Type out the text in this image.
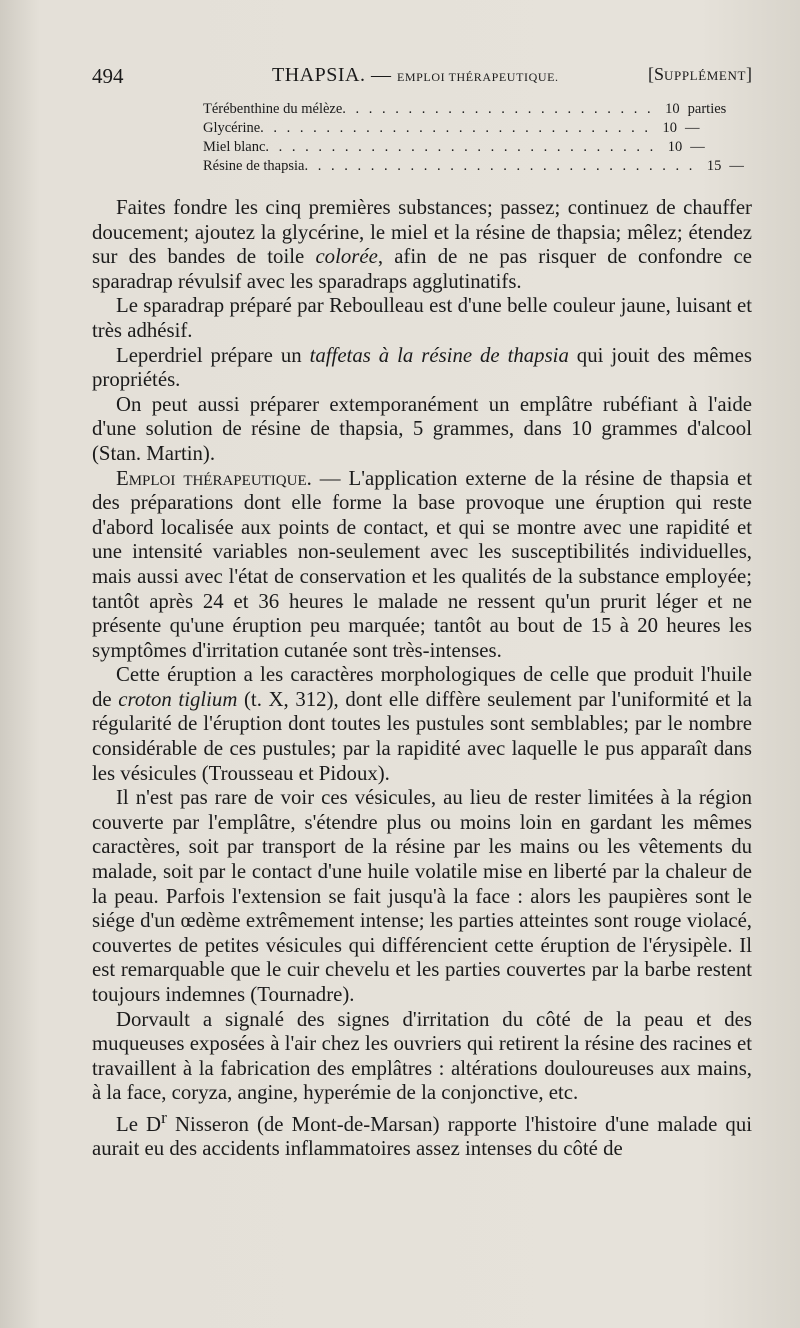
494	THAPSIA. — EMPLOI THÉRAPEUTIQUE.	[SUPPLÉMENT]
Térébenthine du mélèze . . . . . . . . . . . . . . . . . . . . . . . . 10 parties
Glycérine . . . . . . . . . . . . . . . . . . . . . . . . . . . . . . 10 —
Miel blanc . . . . . . . . . . . . . . . . . . . . . . . . . . . . . . 10 —
Résine de thapsia . . . . . . . . . . . . . . . . . . . . . . . . . . . . . . 15 —

Faites fondre les cinq premières substances; passez; continuez de chauffer doucement; ajoutez la glycérine, le miel et la résine de thapsia; mêlez; étendez sur des bandes de toile colorée, afin de ne pas risquer de confondre ce sparadrap révulsif avec les sparadraps agglutinatifs.

Le sparadrap préparé par Reboulleau est d'une belle couleur jaune, luisant et très adhésif.

Leperdriel prépare un taffetas à la résine de thapsia qui jouit des mêmes propriétés.

On peut aussi préparer extemporanément un emplâtre rubéfiant à l'aide d'une solution de résine de thapsia, 5 grammes, dans 10 grammes d'alcool (Stan. Martin).

Emploi thérapeutique. — L'application externe de la résine de thapsia et des préparations dont elle forme la base provoque une éruption qui reste d'abord localisée aux points de contact, et qui se montre avec une rapidité et une intensité variables non-seulement avec les susceptibilités individuelles, mais aussi avec l'état de conservation et les qualités de la substance employée; tantôt après 24 et 36 heures le malade ne ressent qu'un prurit léger et ne présente qu'une éruption peu marquée; tantôt au bout de 15 à 20 heures les symptômes d'irritation cutanée sont très-intenses.

Cette éruption a les caractères morphologiques de celle que produit l'huile de croton tiglium (t. X, 312), dont elle diffère seulement par l'uniformité et la régularité de l'éruption dont toutes les pustules sont semblables; par le nombre considérable de ces pustules; par la rapidité avec laquelle le pus apparaît dans les vésicules (Trousseau et Pidoux).

Il n'est pas rare de voir ces vésicules, au lieu de rester limitées à la région couverte par l'emplâtre, s'étendre plus ou moins loin en gardant les mêmes caractères, soit par transport de la résine par les mains ou les vêtements du malade, soit par le contact d'une huile volatile mise en liberté par la chaleur de la peau. Parfois l'extension se fait jusqu'à la face : alors les paupières sont le siége d'un œdème extrêmement intense; les parties atteintes sont rouge violacé, couvertes de petites vésicules qui différencient cette éruption de l'érysipèle. Il est remarquable que le cuir chevelu et les parties couvertes par la barbe restent toujours indemnes (Tournadre).

Dorvault a signalé des signes d'irritation du côté de la peau et des muqueuses exposées à l'air chez les ouvriers qui retirent la résine des racines et travaillent à la fabrication des emplâtres : altérations douloureuses aux mains, à la face, coryza, angine, hyperémie de la conjonctive, etc.

Le $D^r$ Nisseron (de Mont-de-Marsan) rapporte l'histoire d'une malade qui aurait eu des accidents inflammatoires assez intenses du côté de
